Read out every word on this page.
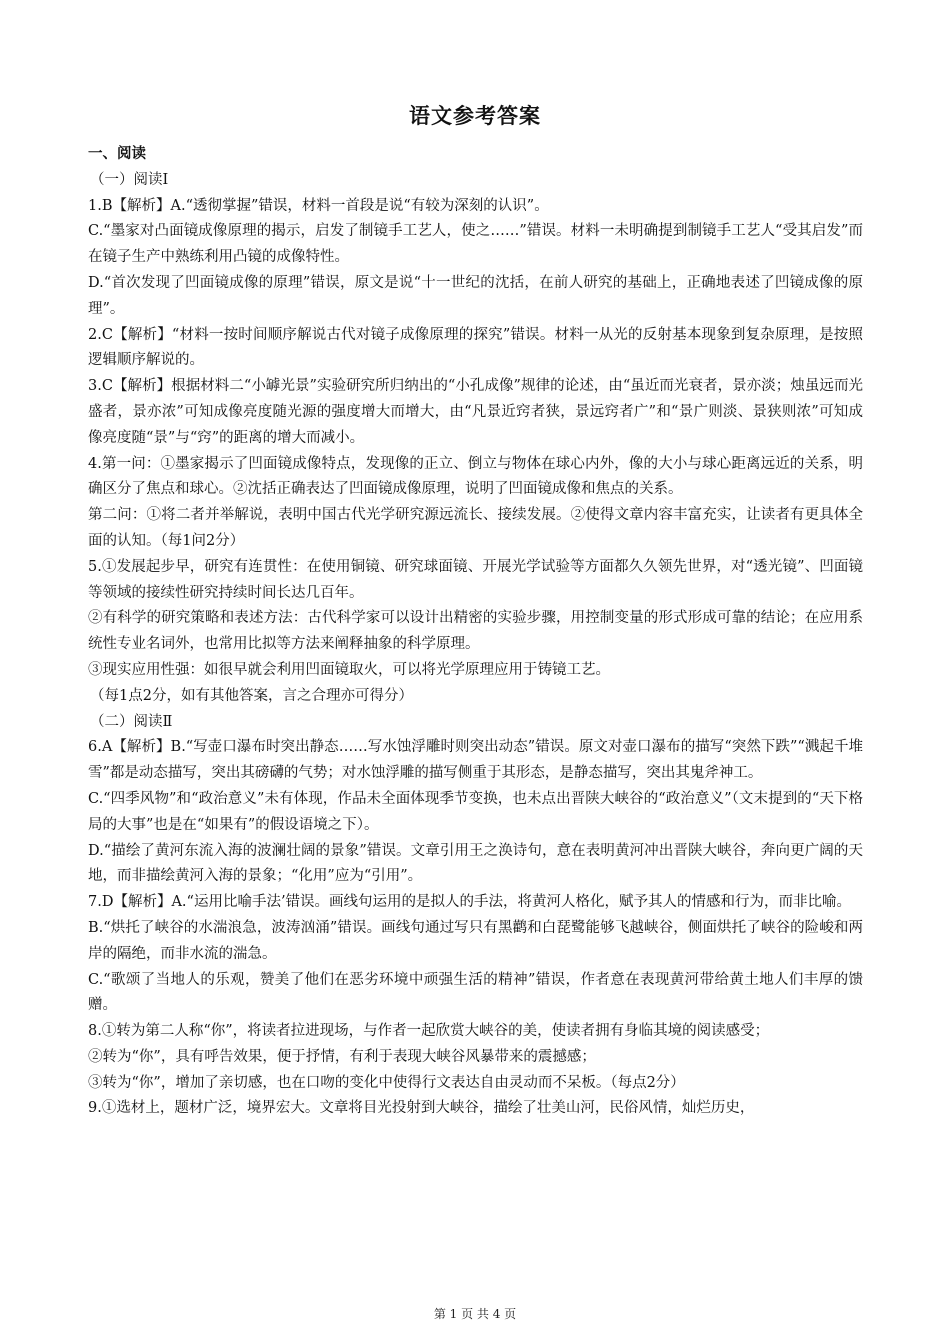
语文参考答案

一、阅读

（一）阅读Ⅰ

1.B【解析】A.“透彻掌握”错误，材料一首段是说“有较为深刻的认识”。

C.“墨家对凸面镜成像原理的揭示，启发了制镜手工艺人，使之……”错误。材料一未明确提到制镜手工艺人“受其启发”而在镜子生产中熟练利用凸镜的成像特性。

D.“首次发现了凹面镜成像的原理”错误，原文是说“十一世纪的沈括，在前人研究的基础上，正确地表述了凹镜成像的原理”。

2.C【解析】“材料一按时间顺序解说古代对镜子成像原理的探究”错误。材料一从光的反射基本现象到复杂原理，是按照逻辑顺序解说的。

3.C【解析】根据材料二“小罅光景”实验研究所归纳出的“小孔成像”规律的论述，由“虽近而光衰者，景亦淡；烛虽远而光盛者，景亦浓”可知成像亮度随光源的强度增大而增大，由“凡景近窍者狭，景远窍者广”和“景广则淡、景狭则浓”可知成像亮度随“景”与“窍”的距离的增大而减小。

4.第一问：①墨家揭示了凹面镜成像特点，发现像的正立、倒立与物体在球心内外，像的大小与球心距离远近的关系，明确区分了焦点和球心。②沈括正确表达了凹面镜成像原理，说明了凹面镜成像和焦点的关系。

第二问：①将二者并举解说，表明中国古代光学研究源远流长、接续发展。②使得文章内容丰富充实，让读者有更具体全面的认知。（每1问2分）

5.①发展起步早，研究有连贯性：在使用铜镜、研究球面镜、开展光学试验等方面都久久领先世界，对“透光镜”、凹面镜等领域的接续性研究持续时间长达几百年。

②有科学的研究策略和表述方法：古代科学家可以设计出精密的实验步骤，用控制变量的形式形成可靠的结论；在应用系统性专业名词外，也常用比拟等方法来阐释抽象的科学原理。

③现实应用性强：如很早就会利用凹面镜取火，可以将光学原理应用于铸镜工艺。

（每1点2分，如有其他答案，言之合理亦可得分）

（二）阅读Ⅱ

6.A【解析】B.“写壶口瀑布时突出静态……写水蚀浮雕时则突出动态”错误。原文对壶口瀑布的描写“突然下跌”“溅起千堆雪”都是动态描写，突出其磅礴的气势；对水蚀浮雕的描写侧重于其形态，是静态描写，突出其鬼斧神工。

C.“四季风物”和“政治意义”未有体现，作品未全面体现季节变换，也未点出晋陕大峡谷的“政治意义”（文末提到的“天下格局的大事”也是在“如果有”的假设语境之下）。

D.“描绘了黄河东流入海的波澜壮阔的景象”错误。文章引用王之涣诗句，意在表明黄河冲出晋陕大峡谷，奔向更广阔的天地，而非描绘黄河入海的景象；“化用”应为“引用”。

7.D【解析】A.“运用比喻手法’错误。画线句运用的是拟人的手法，将黄河人格化，赋予其人的情感和行为，而非比喻。

B.“烘托了峡谷的水湍浪急，波涛汹涌”错误。画线句通过写只有黑鹳和白琵鹭能够飞越峡谷，侧面烘托了峡谷的险峻和两岸的隔绝，而非水流的湍急。

C.“歌颂了当地人的乐观，赞美了他们在恶劣环境中顽强生活的精神”错误，作者意在表现黄河带给黄土地人们丰厚的馈赠。

8.①转为第二人称“你”，将读者拉进现场，与作者一起欣赏大峡谷的美，使读者拥有身临其境的阅读感受；

②转为“你”，具有呼告效果，便于抒情，有利于表现大峡谷风暴带来的震撼感；

③转为“你”，增加了亲切感，也在口吻的变化中使得行文表达自由灵动而不呆板。（每点2分）

9.①选材上，题材广泛，境界宏大。文章将目光投射到大峡谷，描绘了壮美山河，民俗风情，灿烂历史，

第 1 页 共 4 页
